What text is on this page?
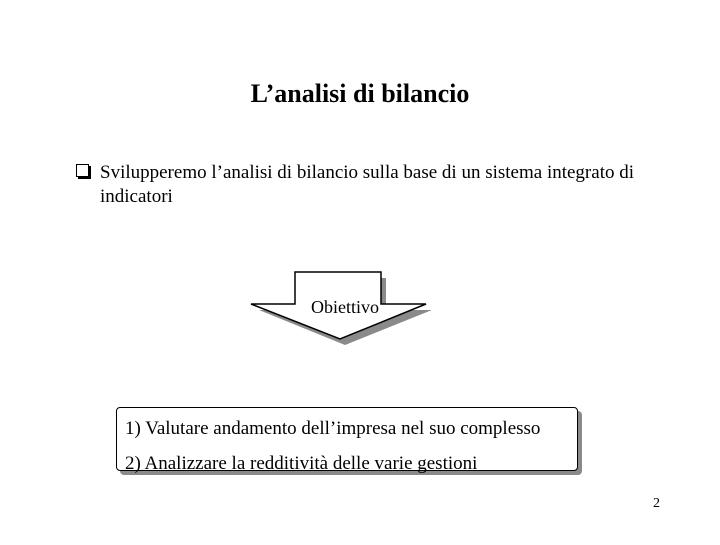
L’analisi di bilancio
Svilupperemo l’analisi di bilancio sulla base di un sistema integrato di indicatori
Obiettivo
1) Valutare andamento dell’impresa nel suo complesso
2) Analizzare la redditività delle varie gestioni
2
